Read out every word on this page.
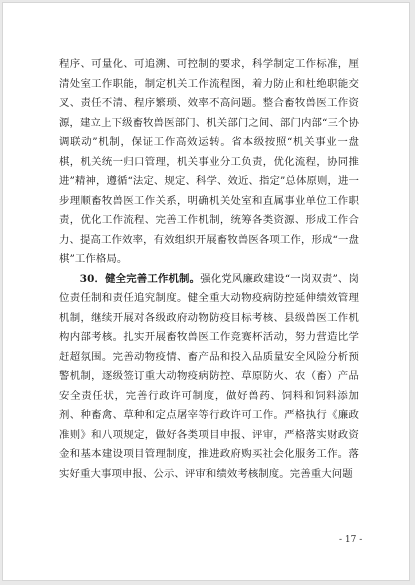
程序、可量化、可追溯、可控制的要求，科学制定工作标准，厘清处室工作职能，制定机关工作流程图，着力防止和杜绝职能交叉、责任不清、程序繁琐、效率不高问题。整合畜牧兽医工作资源，建立上下级畜牧兽医部门、机关部门之间、部门内部“三个协调联动”机制，保证工作高效运转。省本级按照“机关事业一盘棋，机关统一归口管理，机关事业分工负责，优化流程，协同推进”精神，遵循“法定、规定、科学、效近、指定”总体原则，进一步理顺畜牧兽医工作关系，明确机关处室和直属事业单位工作职责，优化工作流程、完善工作机制，统筹各类资源、形成工作合力、提高工作效率，有效组织开展畜牧兽医各项工作，形成“一盘棋”工作格局。

30．健全完善工作机制。强化党风廉政建设“一岗双责”、岗位责任制和责任追究制度。健全重大动物疫病防控延伸绩效管理机制，继续开展对各级政府动物防疫目标考核、县级兽医工作机构内部考核。扎实开展畜牧兽医工作竞赛杯活动，努力营造比学赶超氛围。完善动物疫情、畜产品和投入品质量安全风险分析预警机制，逐级签订重大动物疫病防控、草原防火、农（畜）产品安全责任状，完善行政许可制度，做好兽药、饲料和饲料添加剂、种畜禽、草种和定点屠宰等行政许可工作。严格执行《廉政准则》和八项规定，做好各类项目申报、评审，严格落实财政资金和基本建设项目管理制度，推进政府购买社会化服务工作。落实好重大事项申报、公示、评审和绩效考核制度。完善重大问题

- 17 -
